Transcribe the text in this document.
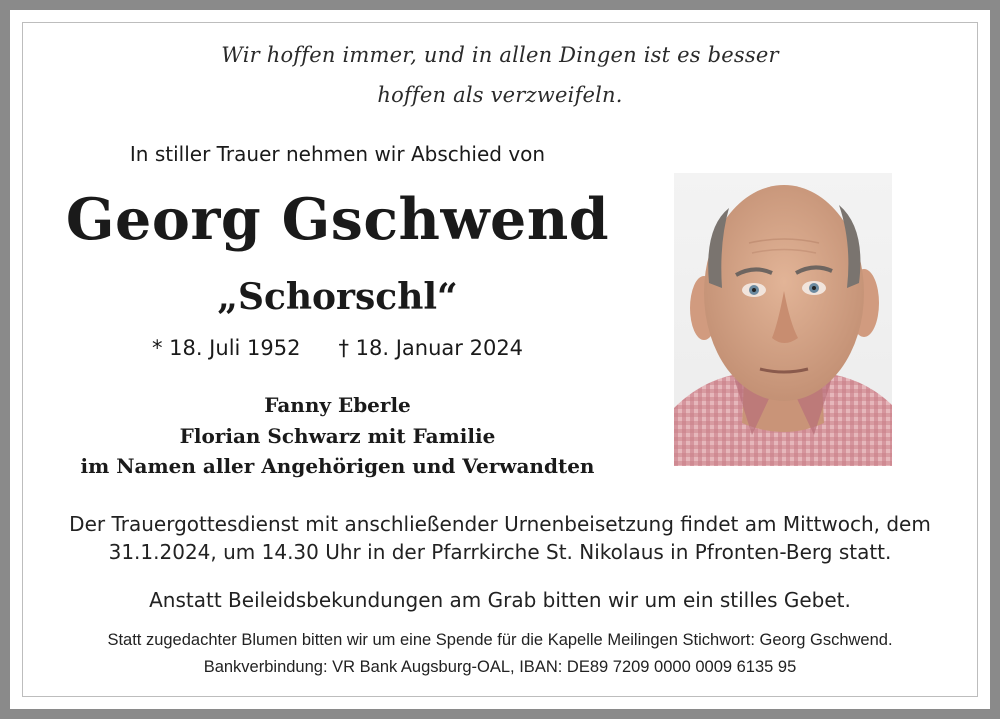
Wir hoffen immer, und in allen Dingen ist es besser
hoffen als verzweifeln.
In stiller Trauer nehmen wir Abschied von
Georg Gschwend
„Schorschl“
* 18. Juli 1952 † 18. Januar 2024
Fanny Eberle
Florian Schwarz mit Familie
im Namen aller Angehörigen und Verwandten
Der Trauergottesdienst mit anschließender Urnenbeisetzung findet am Mittwoch, dem
31.1.2024, um 14.30 Uhr in der Pfarrkirche St. Nikolaus in Pfronten-Berg statt.
Anstatt Beileidsbekundungen am Grab bitten wir um ein stilles Gebet.
Statt zugedachter Blumen bitten wir um eine Spende für die Kapelle Meilingen Stichwort: Georg Gschwend.
Bankverbindung: VR Bank Augsburg-OAL, IBAN: DE89 7209 0000 0009 6135 95
